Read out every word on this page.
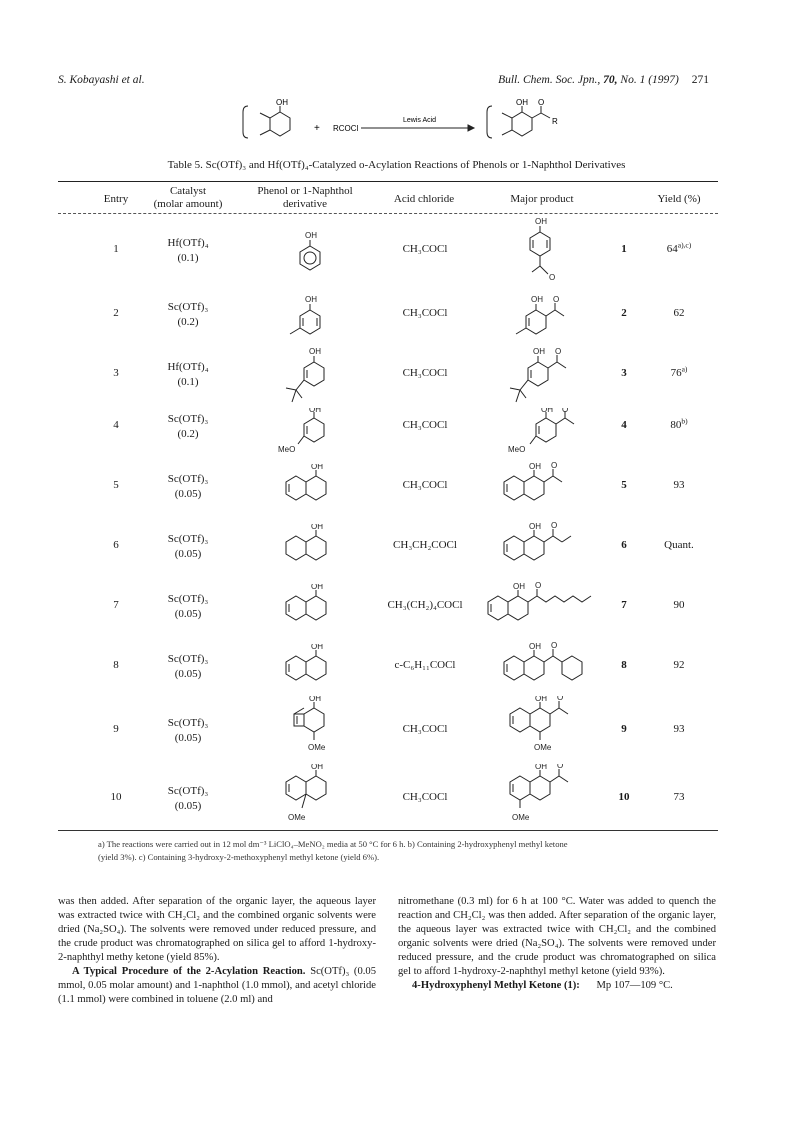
S. Kobayashi et al.	Bull. Chem. Soc. Jpn., 70, No. 1 (1997) 271
OH
+ RCOCl
Lewis Acid
OH O
R
Table 5. Sc(OTf)₃ and Hf(OTf)₄-Catalyzed o-Acylation Reactions of Phenols or 1-Naphthol Derivatives
Entry
Catalyst
(molar amount)
Phenol or 1-Naphthol
derivative	Acid chloride	Major product	Yield (%)
1	Hf(OTf)₄
(0.1)
CH₃COCl	1	$64^{a),c)}$
2	Sc(OTf)₃
(0.2)
CH₃COCl	2	62
3	Hf(OTf)₄
(0.1)
CH₃COCl	3	76$^{a)}$
4	Sc(OTf)₃
(0.2)
CH₃COCl	4	80$^{b)}$
5	Sc(OTf)₃
(0.05)
CH₃COCl	5	93
6	Sc(OTf)₃
(0.05)
CH₃CH₂COCl	6	Quant.
7	Sc(OTf)₃
(0.05)
CH₃(CH₂)₄COCl	7	90
8	Sc(OTf)₃
(0.05)
c-C₆H₁₁COCl	8	92
9	Sc(OTf)₃
(0.05)
CH₃COCl	9	93
10	Sc(OTf)₃
(0.05)
CH₃COCl	10	73
OH
OH
O
OH	OH O
OH	OH O
OH
MeO
OH O
MeO
OH
OH
OH
OH
OH O
OH O
OH O
OH O
OH
OMe
OH O
OMe
OH
OMe
OH O
OMe
a) The reactions were carried out in 12 mol dm⁻³ LiClO₄–MeNO₂ media at 50 °C for 6 h. b) Containing 2-hydroxyphenyl methyl ketone
(yield 3%). c) Containing 3-hydroxy-2-methoxyphenyl methyl ketone (yield 6%).

was then added. After separation of the organic layer, the aqueous layer was extracted twice with CH₂Cl₂ and the combined organic solvents were dried (Na₂SO₄). The solvents were removed under reduced pressure, and the crude product was chromatographed on silica gel to afford 1-hydroxy-2-naphthyl methy ketone (yield 85%).

A Typical Procedure of the 2-Acylation Reaction. Sc(OTf)₃ (0.05 mmol, 0.05 molar amount) and 1-naphthol (1.0 mmol), and acetyl chloride (1.1 mmol) were combined in toluene (2.0 ml) and

nitromethane (0.3 ml) for 6 h at 100 °C. Water was added to quench the reaction and CH₂Cl₂ was then added. After separation of the organic layer, the aqueous layer was extracted twice with CH₂Cl₂ and the combined organic solvents were dried (Na₂SO₄). The solvents were removed under reduced pressure, and the crude product was chromatographed on silica gel to afford 1-hydroxy-2-naphthyl methyl ketone (yield 93%).

4-Hydroxyphenyl Methyl Ketone (1): Mp 107—109 °C.
